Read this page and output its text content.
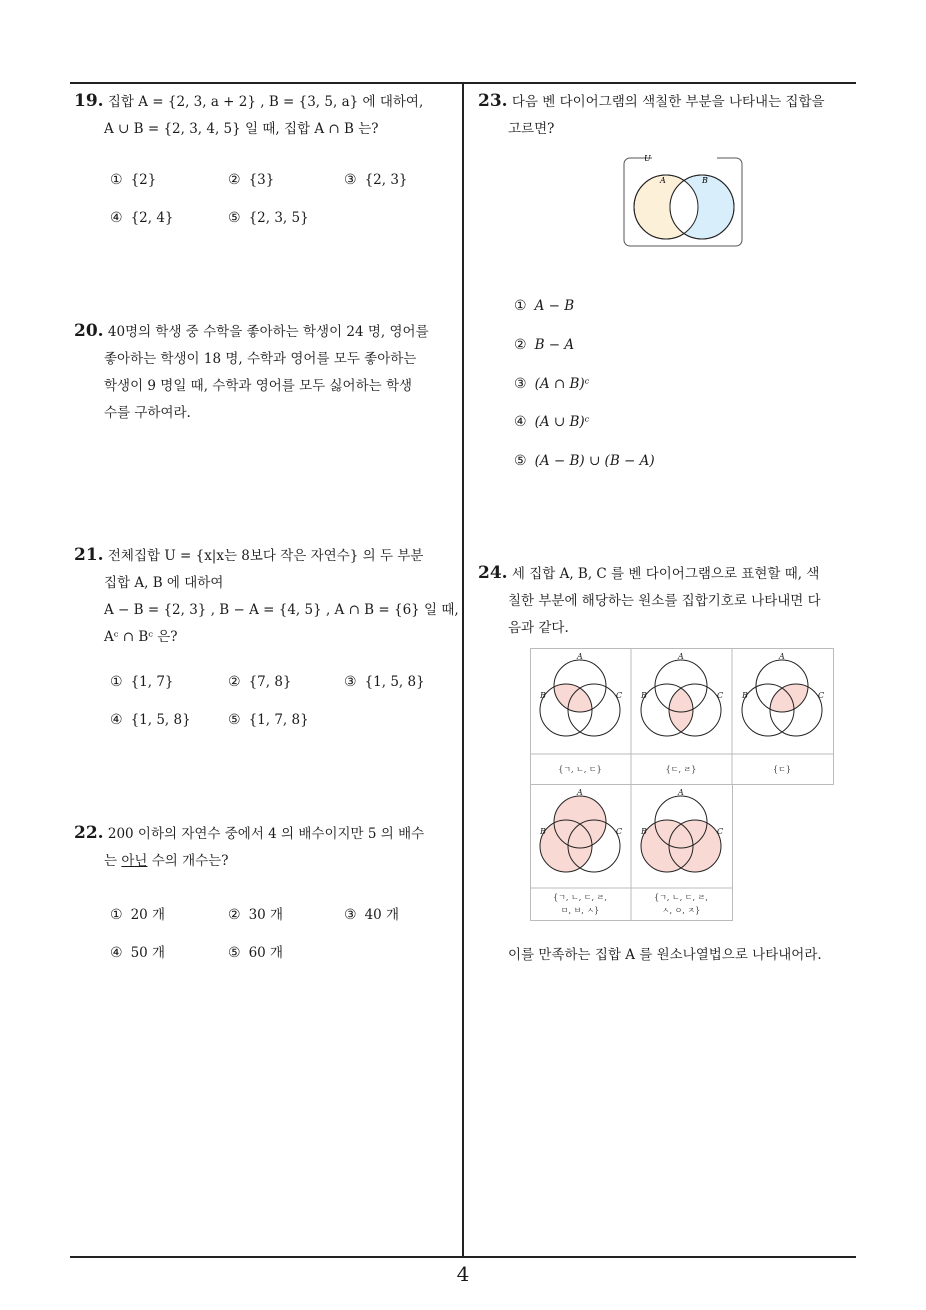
19. 집합 A = {2, 3, a + 2} , B = {3, 5, a} 에 대하여,

A ∪ B = {2, 3, 4, 5} 일 때, 집합 A ∩ B 는?

① {2}	② {3}	③ {2, 3}
④ {2, 4}	⑤ {2, 3, 5}

20. 40명의 학생 중 수학을 좋아하는 학생이 24 명, 영어를

좋아하는 학생이 18 명, 수학과 영어를 모두 좋아하는

학생이 9 명일 때, 수학과 영어를 모두 싫어하는 학생

수를 구하여라.

21. 전체집합 U = {x|x는 8보다 작은 자연수} 의 두 부분

집합 A, B 에 대하여

A − B = {2, 3} , B − A = {4, 5} , A ∩ B = {6} 일 때,

Aᶜ ∩ Bᶜ 은?

① {1, 7}	② {7, 8}	③ {1, 5, 8}
④ {1, 5, 8}	⑤ {1, 7, 8}

22. 200 이하의 자연수 중에서 4 의 배수이지만 5 의 배수

는 아닌 수의 개수는?

① 20 개	② 30 개	③ 40 개
④ 50 개	⑤ 60 개

23. 다음 벤 다이어그램의 색칠한 부분을 나타내는 집합을

고르면?

U
A	B
① A − B
② B − A
③ (A ∩ B)ᶜ
④ (A ∪ B)ᶜ
⑤ (A − B) ∪ (B − A)

24. 세 집합 A, B, C 를 벤 다이어그램으로 표현할 때, 색

칠한 부분에 해당하는 원소를 집합기호로 나타내면 다

음과 같다.

A
B	C
A
B	C
A
B	C
A
B	C
A
B	C
{ㄱ, ㄴ, ㄷ}	{ㄷ, ㄹ}	{ㄷ}
{ㄱ, ㄴ, ㄷ, ㄹ,
ㅁ, ㅂ, ㅅ}
{ㄱ, ㄴ, ㄷ, ㄹ,
ㅅ, ㅇ, ㅈ}

이를 만족하는 집합 A 를 원소나열법으로 나타내어라.

4
